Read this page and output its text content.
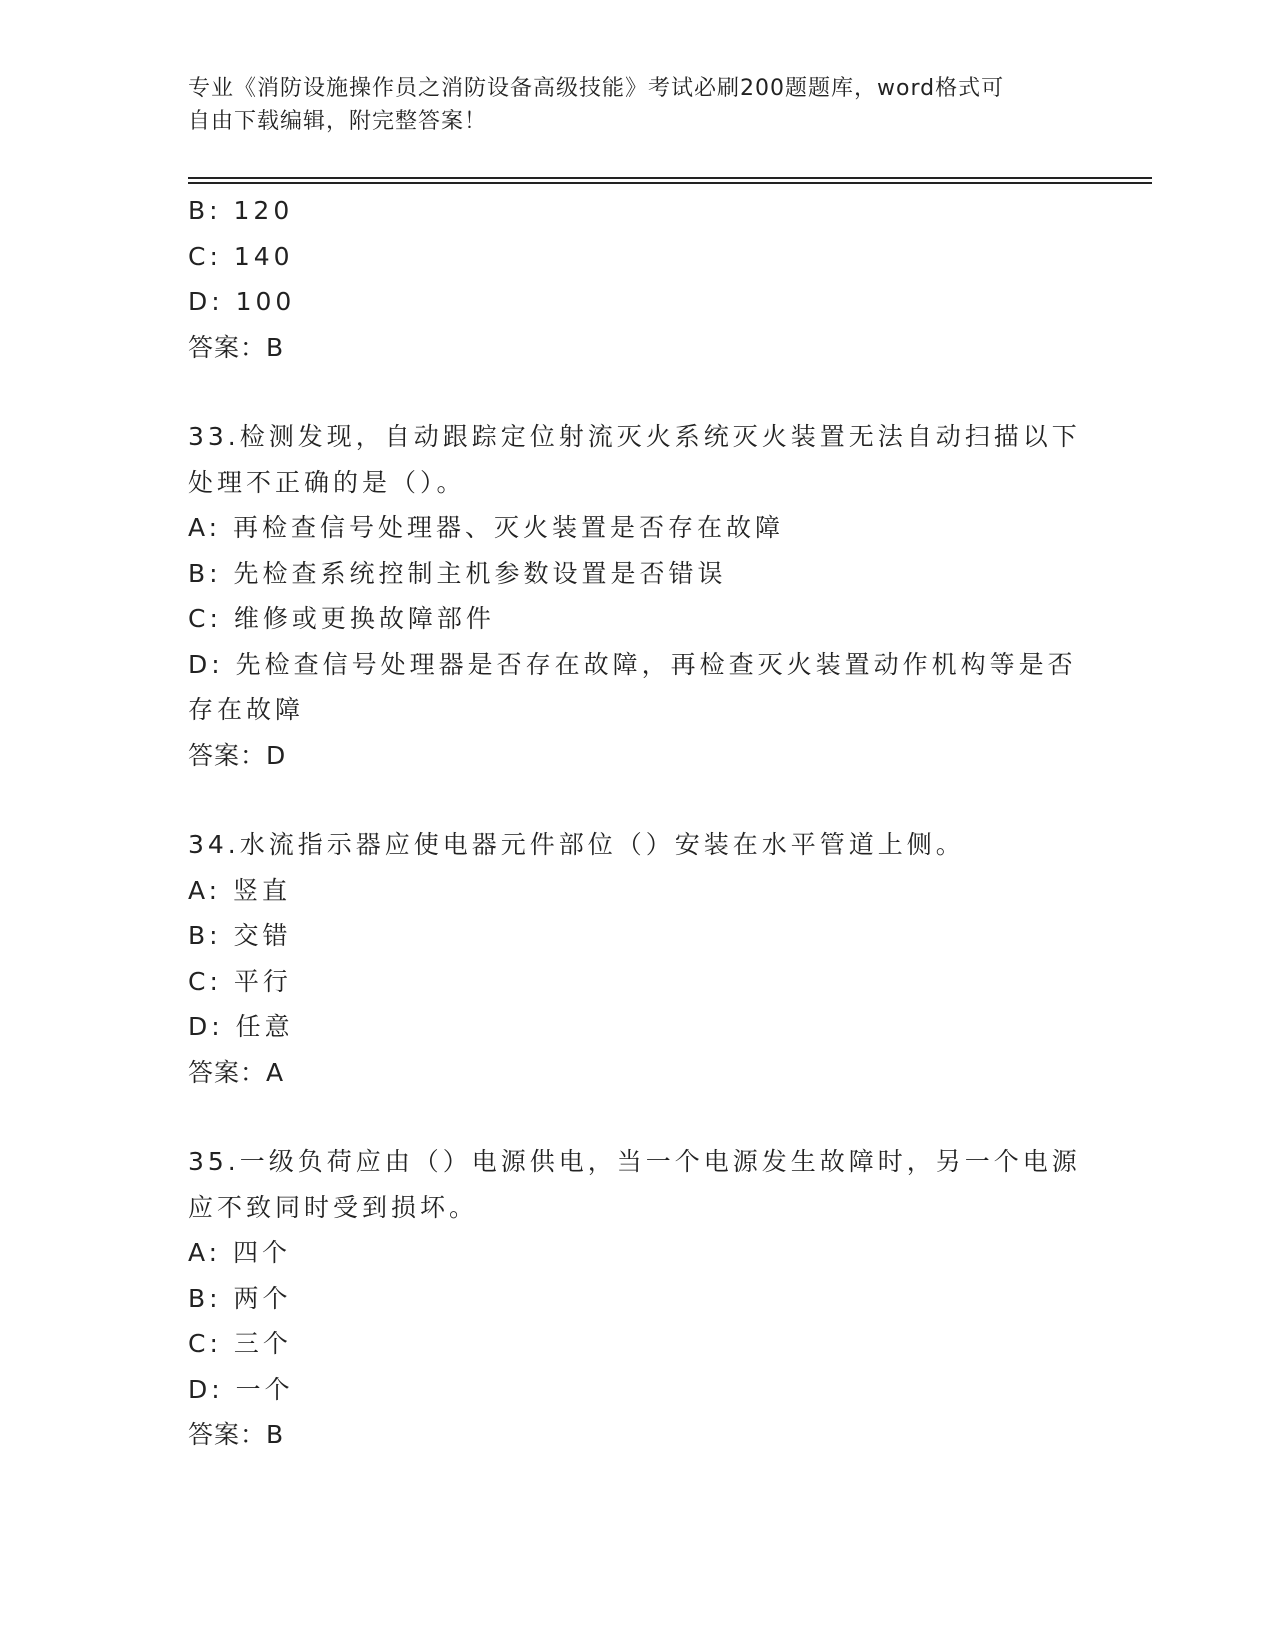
专业《消防设施操作员之消防设备高级技能》考试必刷200题题库，word格式可
自由下载编辑，附完整答案！
B: 120
C: 140
D: 100
答案：B
33.检测发现，自动跟踪定位射流灭火系统灭火装置无法自动扫描以下
处理不正确的是（）。
A: 再检查信号处理器、灭火装置是否存在故障
B: 先检查系统控制主机参数设置是否错误
C: 维修或更换故障部件
D: 先检查信号处理器是否存在故障，再检查灭火装置动作机构等是否
存在故障
答案：D
34.水流指示器应使电器元件部位（）安装在水平管道上侧。
A: 竖直
B: 交错
C: 平行
D: 任意
答案：A
35.一级负荷应由（）电源供电，当一个电源发生故障时，另一个电源
应不致同时受到损坏。
A: 四个
B: 两个
C: 三个
D: 一个
答案：B
